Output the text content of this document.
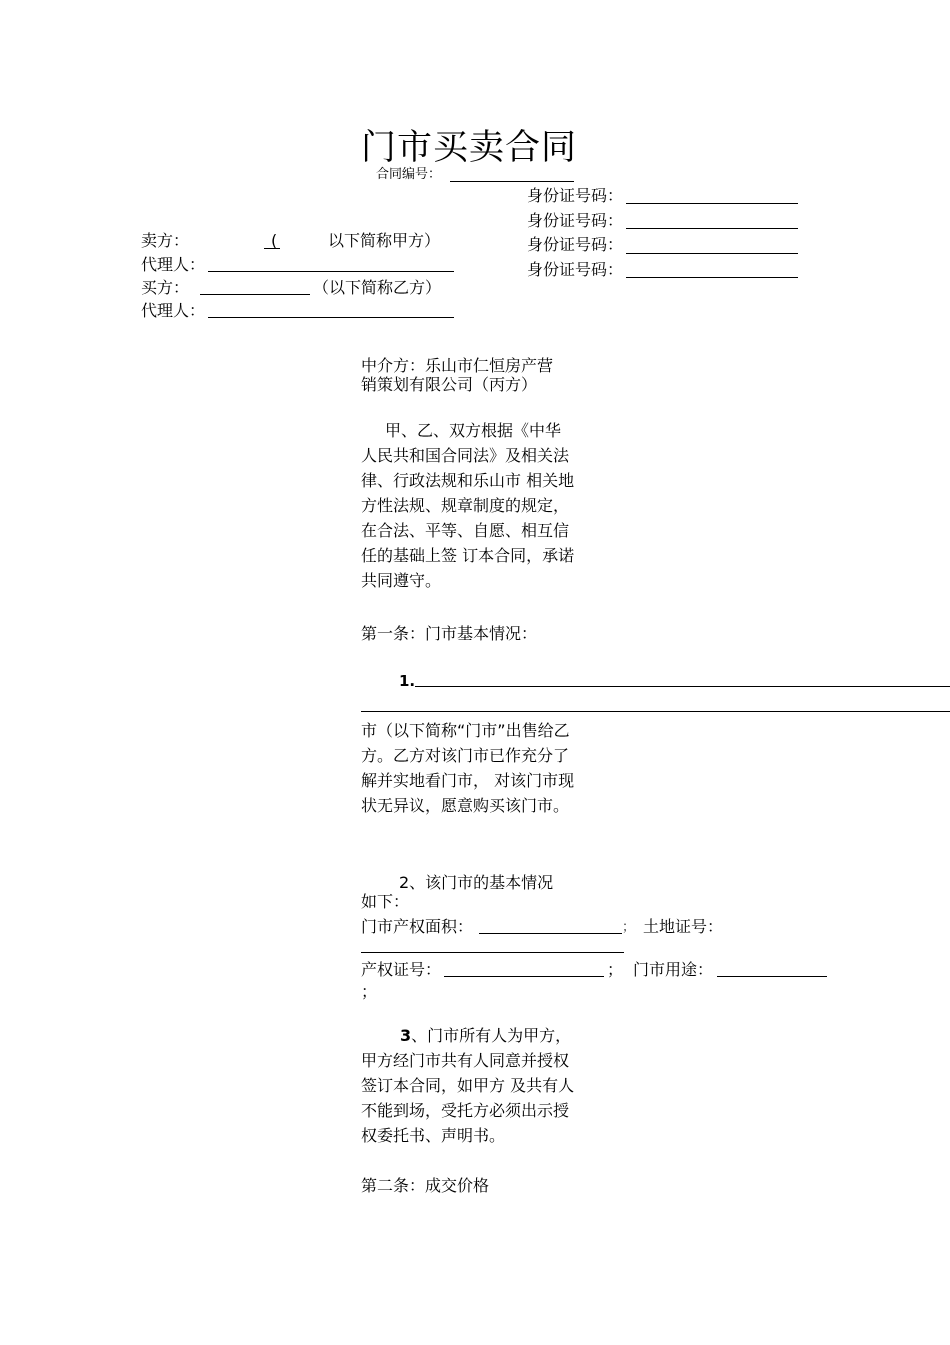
门市买卖合同
合同编号：
身份证号码：
身份证号码：
身份证号码：
身份证号码：
卖方：	(	以下简称甲方）
代理人：
买方：	（以下简称乙方）
代理人：
中介方：乐山市仁恒房产营
销策划有限公司（丙方）
甲、乙、双方根据《中华人民共和国合同法》及相关法律、行政法规和乐山市 相关地方性法规、规章制度的规定，在合法、平等、自愿、相互信任的基础上签 订本合同，承诺共同遵守。
第一条：门市基本情况：
1.
市（以下简称“门市”出售给乙方。乙方对该门市已作充分了解并实地看门市， 对该门市现状无异议，愿意购买该门市。
2、该门市的基本情况
如下：
门市产权面积：	； 土地证号：
产权证号：	； 门市用途：
；
3、门市所有人为甲方，甲方经门市共有人同意并授权签订本合同，如甲方 及共有人不能到场，受托方必须出示授权委托书、声明书。
第二条：成交价格
